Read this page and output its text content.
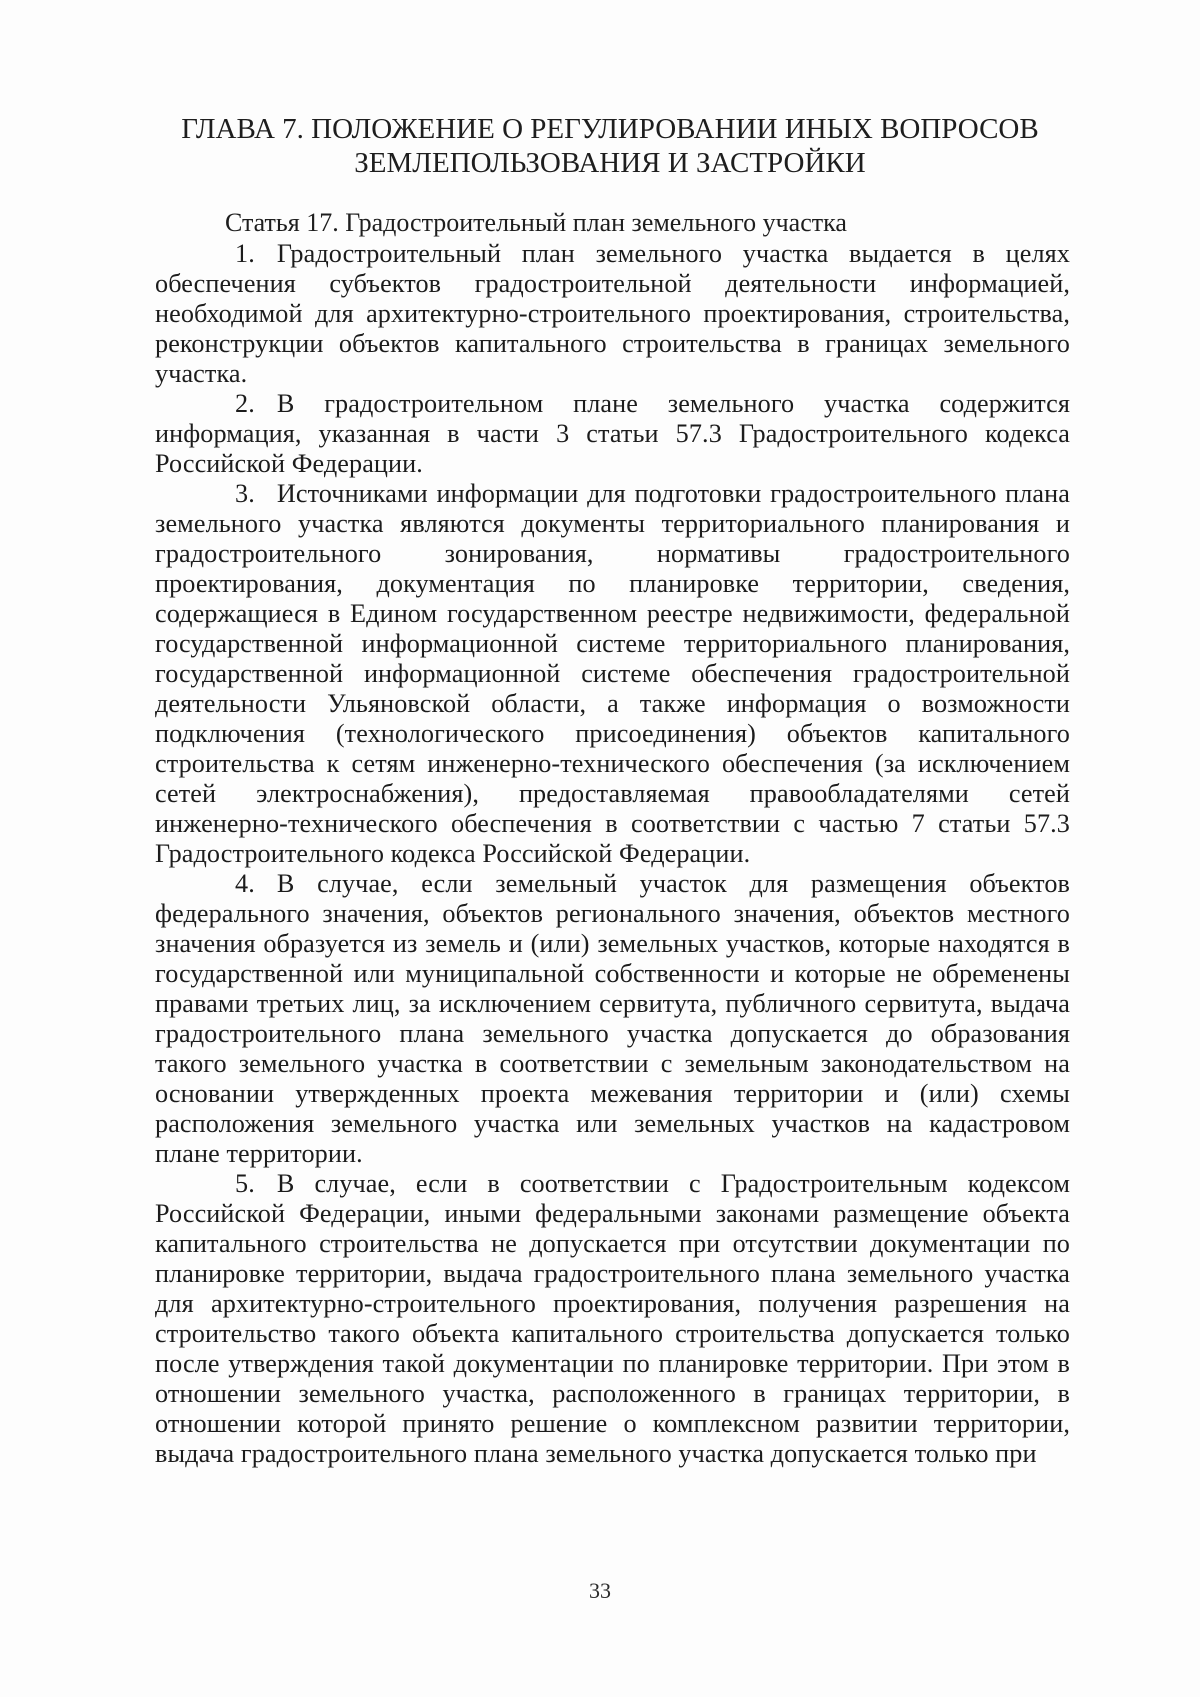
ГЛАВА 7. ПОЛОЖЕНИЕ О РЕГУЛИРОВАНИИ ИНЫХ ВОПРОСОВ ЗЕМЛЕПОЛЬЗОВАНИЯ И ЗАСТРОЙКИ
Статья 17. Градостроительный план земельного участка

1. Градостроительный план земельного участка выдается в целях обеспечения субъектов градостроительной деятельности информацией, необходимой для архитектурно-строительного проектирования, строительства, реконструкции объектов капитального строительства в границах земельного участка.

2. В градостроительном плане земельного участка содержится информация, указанная в части 3 статьи 57.3 Градостроительного кодекса Российской Федерации.

3. Источниками информации для подготовки градостроительного плана земельного участка являются документы территориального планирования и градостроительного зонирования, нормативы градостроительного проектирования, документация по планировке территории, сведения, содержащиеся в Едином государственном реестре недвижимости, федеральной государственной информационной системе территориального планирования, государственной информационной системе обеспечения градостроительной деятельности Ульяновской области, а также информация о возможности подключения (технологического присоединения) объектов капитального строительства к сетям инженерно-технического обеспечения (за исключением сетей электроснабжения), предоставляемая правообладателями сетей инженерно-технического обеспечения в соответствии с частью 7 статьи 57.3 Градостроительного кодекса Российской Федерации.

4. В случае, если земельный участок для размещения объектов федерального значения, объектов регионального значения, объектов местного значения образуется из земель и (или) земельных участков, которые находятся в государственной или муниципальной собственности и которые не обременены правами третьих лиц, за исключением сервитута, публичного сервитута, выдача градостроительного плана земельного участка допускается до образования такого земельного участка в соответствии с земельным законодательством на основании утвержденных проекта межевания территории и (или) схемы расположения земельного участка или земельных участков на кадастровом плане территории.

5. В случае, если в соответствии с Градостроительным кодексом Российской Федерации, иными федеральными законами размещение объекта капитального строительства не допускается при отсутствии документации по планировке территории, выдача градостроительного плана земельного участка для архитектурно-строительного проектирования, получения разрешения на строительство такого объекта капитального строительства допускается только после утверждения такой документации по планировке территории. При этом в отношении земельного участка, расположенного в границах территории, в отношении которой принято решение о комплексном развитии территории, выдача градостроительного плана земельного участка допускается только при

33
